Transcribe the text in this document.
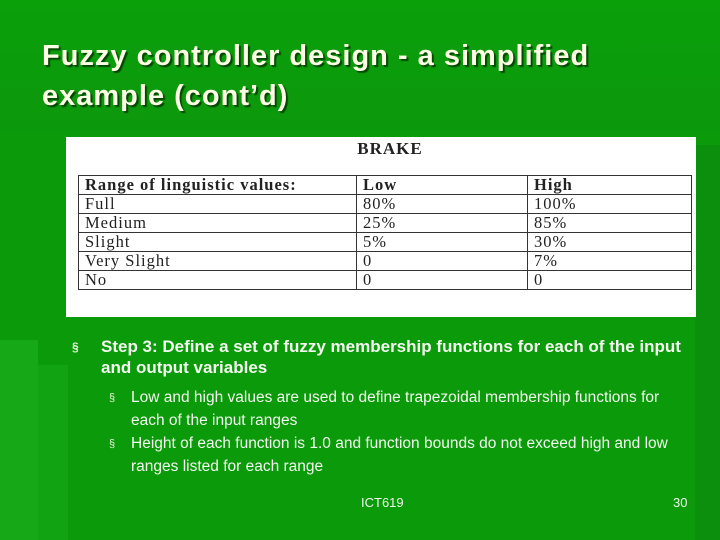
Fuzzy controller design - a simplified example (cont’d)
BRAKE
Range of linguistic values:	Low	High
Full	80%	100%
Medium	25%	85%
Slight	5%	30%
Very Slight	0	7%
No	0	0

§ Step 3: Define a set of fuzzy membership functions for each of the input and output variables

§ Low and high values are used to define trapezoidal membership functions for each of the input ranges

§ Height of each function is 1.0 and function bounds do not exceed high and low ranges listed for each range

ICT619	30
